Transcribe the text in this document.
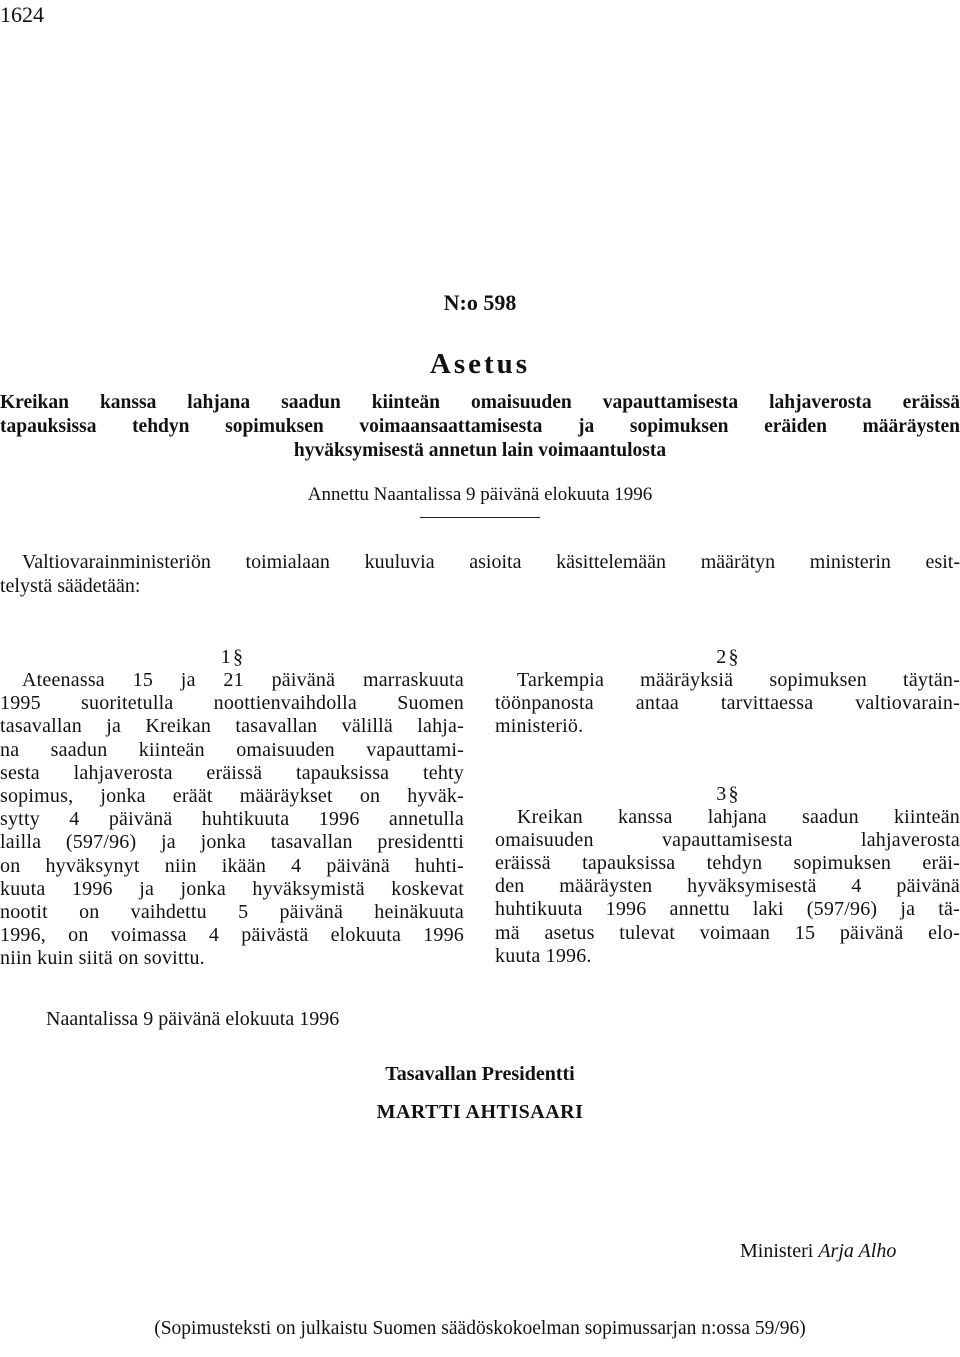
1624
N:o 598
Asetus
Kreikan kanssa lahjana saadun kiinteän omaisuuden vapauttamisesta lahjaverosta eräissä
tapauksissa tehdyn sopimuksen voimaansaattamisesta ja sopimuksen eräiden määräysten
hyväksymisestä annetun lain voimaantulosta
Annettu Naantalissa 9 päivänä elokuuta 1996
Valtiovarainministeriön toimialaan kuuluvia asioita käsittelemään määrätyn ministerin esit-
telystä säädetään:
1 §
Ateenassa 15 ja 21 päivänä marraskuuta
1995 suoritetulla noottienvaihdolla Suomen
tasavallan ja Kreikan tasavallan välillä lahja-
na saadun kiinteän omaisuuden vapauttami-
sesta lahjaverosta eräissä tapauksissa tehty
sopimus, jonka eräät määräykset on hyväk-
sytty 4 päivänä huhtikuuta 1996 annetulla
lailla (597/96) ja jonka tasavallan presidentti
on hyväksynyt niin ikään 4 päivänä huhti-
kuuta 1996 ja jonka hyväksymistä koskevat
nootit on vaihdettu 5 päivänä heinäkuuta
1996, on voimassa 4 päivästä elokuuta 1996
niin kuin siitä on sovittu.
2 §
Tarkempia määräyksiä sopimuksen täytän-
töönpanosta antaa tarvittaessa valtiovarain-
ministeriö.
3 §
Kreikan kanssa lahjana saadun kiinteän
omaisuuden vapauttamisesta lahjaverosta
eräissä tapauksissa tehdyn sopimuksen eräi-
den määräysten hyväksymisestä 4 päivänä
huhtikuuta 1996 annettu laki (597/96) ja tä-
mä asetus tulevat voimaan 15 päivänä elo-
kuuta 1996.
Naantalissa 9 päivänä elokuuta 1996
Tasavallan Presidentti
MARTTI AHTISAARI
Ministeri Arja Alho
(Sopimusteksti on julkaistu Suomen säädöskokoelman sopimussarjan n:ossa 59/96)
